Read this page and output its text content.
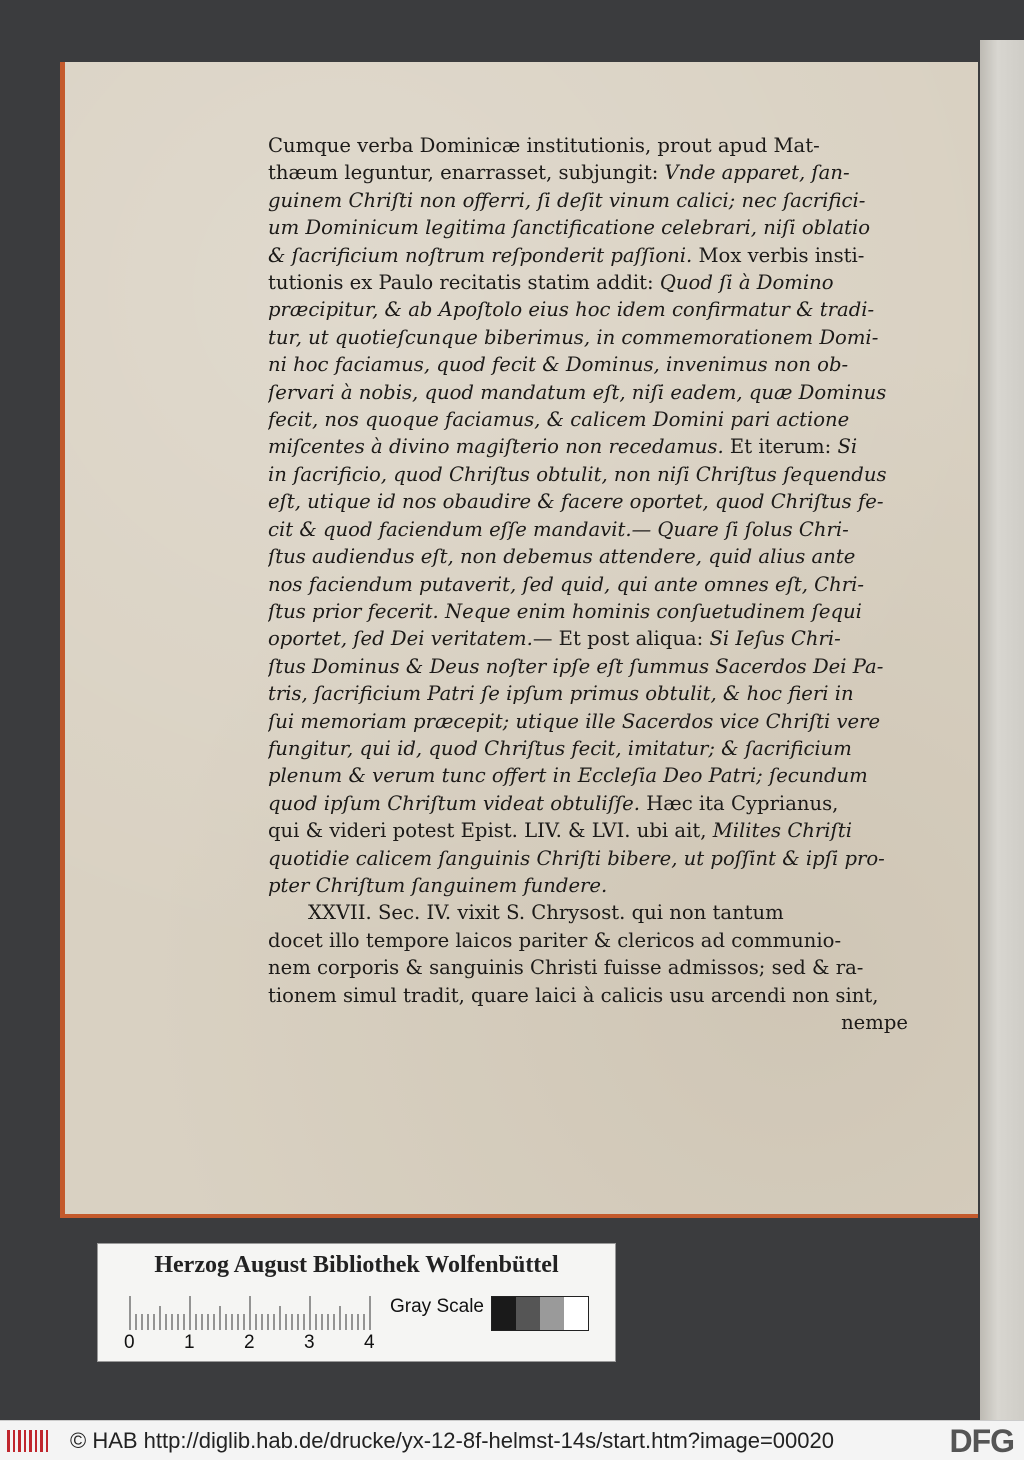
Cumque verba Dominicæ institutionis, prout apud Mat-
thæum leguntur, enarrasset, subjungit: Vnde apparet, ſan-
guinem Chriſti non offerri, ſi deſit vinum calici; nec ſacrifici-
um Dominicum legitima ſanctificatione celebrari, niſi oblatio
& ſacrificium noſtrum reſponderit paſſioni. Mox verbis insti-
tutionis ex Paulo recitatis statim addit: Quod ſi à Domino
præcipitur, & ab Apoſtolo eius hoc idem confirmatur & tradi-
tur, ut quotieſcunque biberimus, in commemorationem Domi-
ni hoc faciamus, quod fecit & Dominus, invenimus non ob-
ſervari à nobis, quod mandatum eſt, niſi eadem, quæ Dominus
fecit, nos quoque faciamus, & calicem Domini pari actione
miſcentes à divino magiſterio non recedamus. Et iterum: Si
in ſacrificio, quod Chriſtus obtulit, non niſi Chriſtus ſequendus
eſt, utique id nos obaudire & facere oportet, quod Chriſtus fe-
cit & quod faciendum eſſe mandavit.— Quare ſi ſolus Chri-
ſtus audiendus eſt, non debemus attendere, quid alius ante
nos faciendum putaverit, ſed quid, qui ante omnes eſt, Chri-
ſtus prior fecerit. Neque enim hominis conſuetudinem ſequi
oportet, ſed Dei veritatem.— Et post aliqua: Si Ieſus Chri-
ſtus Dominus & Deus noſter ipſe eſt ſummus Sacerdos Dei Pa-
tris, ſacrificium Patri ſe ipſum primus obtulit, & hoc fieri in
ſui memoriam præcepit; utique ille Sacerdos vice Chriſti vere
fungitur, qui id, quod Chriſtus fecit, imitatur; & ſacrificium
plenum & verum tunc offert in Eccleſia Deo Patri; ſecundum
quod ipſum Chriſtum videat obtuliſſe. Hæc ita Cyprianus,
qui & videri potest Epist. LIV. & LVI. ubi ait, Milites Chriſti
quotidie calicem ſanguinis Chriſti bibere, ut poſſint & ipſi pro-
pter Chriſtum ſanguinem fundere.
XXVII. Sec. IV. vixit S. Chrysost. qui non tantum
docet illo tempore laicos pariter & clericos ad communio-
nem corporis & sanguinis Christi fuisse admissos; sed & ra-
tionem simul tradit, quare laici à calicis usu arcendi non sint,
nempe
Herzog August Bibliothek Wolfenbüttel
0	1	2	3	4
Gray Scale
© HAB http://diglib.hab.de/drucke/yx-12-8f-helmst-14s/start.htm?image=00020	DFG
